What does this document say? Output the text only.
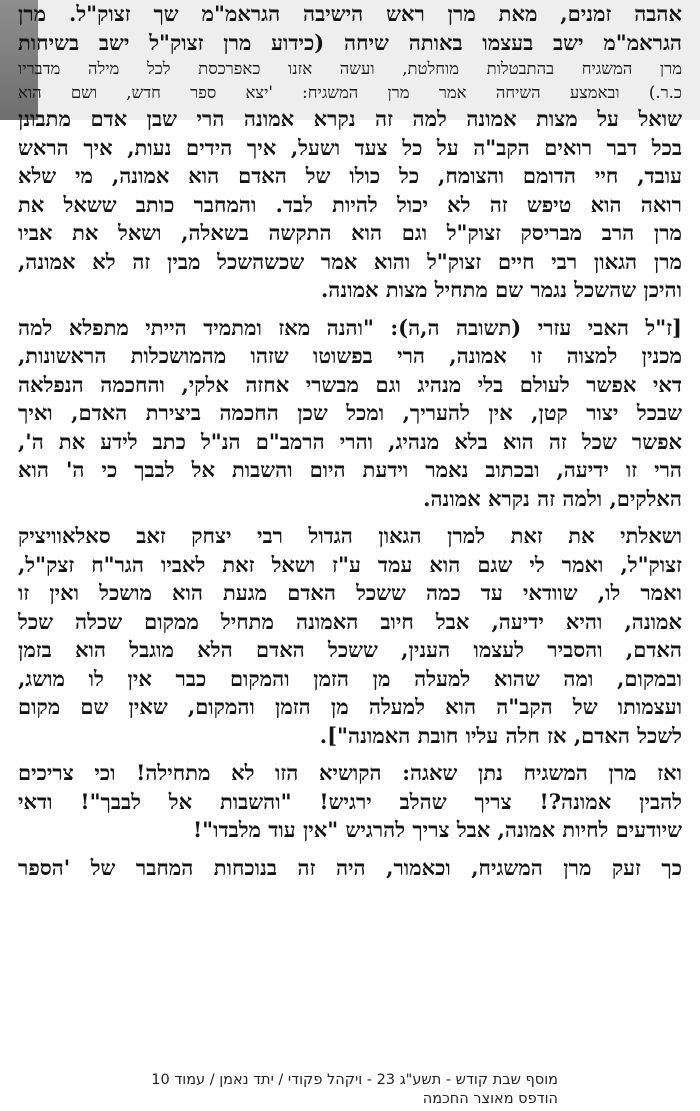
אהבה זמנים, מאת מרן ראש הישיבה הגראמ"מ שך זצוק"ל. מרן
הגראמ"מ ישב בעצמו באותה שיחה (כידוע מרן זצוק"ל ישב בשיחות
מרן המשגיח בהתבטלות מוחלטת, ועשה אזנו כאפרכסת לכל מילה מדבריו
כ.ר.) ובאמצע השיחה אמר מרן המשגיח: 'יצא ספר חדש, ושם הוא
שואל על מצות אמונה למה זה נקרא אמונה הרי שבן אדם מתבונן
בכל דבר רואים הקב"ה על כל צעד ושעל, איך הידים נעות, איך הראש
עובד, חיי הדומם והצומח, כל כולו של האדם הוא אמונה, מי שלא
רואה הוא טיפש זה לא יכול להיות לבד. והמחבר כותב ששאל את
מרן הרב מבריסק זצוק"ל וגם הוא התקשה בשאלה, ושאל את אביו
מרן הגאון רבי חיים זצוק"ל והוא אמר שכשהשכל מבין זה לא אמונה,
והיכן שהשכל נגמר שם מתחיל מצות אמונה.
[ז"ל האבי עזרי (תשובה ה,ה): "והנה מאז ומתמיד הייתי מתפלא למה
מכנין למצוה זו אמונה, הרי בפשוטו שזהו מהמושכלות הראשונות,
דאי אפשר לעולם בלי מנהיג וגם מבשרי אחזה אלקי, והחכמה הנפלאה
שבכל יצור קטן, אין להעריך, ומכל שכן החכמה ביצירת האדם, ואיך
אפשר שכל זה הוא בלא מנהיג, והרי הרמב"ם הנ"ל כתב לידע את ה',
הרי זו ידיעה, ובכתוב נאמר וידעת היום והשבות אל לבבך כי ה' הוא
האלקים, ולמה זה נקרא אמונה.
ושאלתי את זאת למרן הגאון הגדול רבי יצחק זאב סאלאוויציק
זצוק"ל, ואמר לי שגם הוא עמד ע"ז ושאל זאת לאביו הגר"ח זצק"ל,
ואמר לו, שוודאי עד כמה ששכל האדם מגעת הוא מושכל ואין זו
אמונה, והיא ידיעה, אבל חיוב האמונה מתחיל ממקום שכלה שכל
האדם, והסביר לעצמו הענין, ששכל האדם הלא מוגבל הוא בזמן
ובמקום, ומה שהוא למעלה מן הזמן והמקום כבר אין לו מושג,
ועצמותו של הקב"ה הוא למעלה מן הזמן והמקום, שאין שם מקום
לשכל האדם, אז חלה עליו חובת האמונה"].
ואז מרן המשגיח נתן שאגה: הקושיא הזו לא מתחילה! וכי צריכים
להבין אמונה?! צריך שהלב ירגיש! "והשבות אל לבבך"! ודאי
שיודעים לחיות אמונה, אבל צריך להרגיש "אין עוד מלבדו"!
כך זעק מרן המשגיח, וכאמור, היה זה בנוכחות המחבר של 'הספר
מוסף שבת קודש - תשע"ג 23 - ויקהל פקודי / יתד נאמן / עמוד 10
הודפס מאוצר החכמה
